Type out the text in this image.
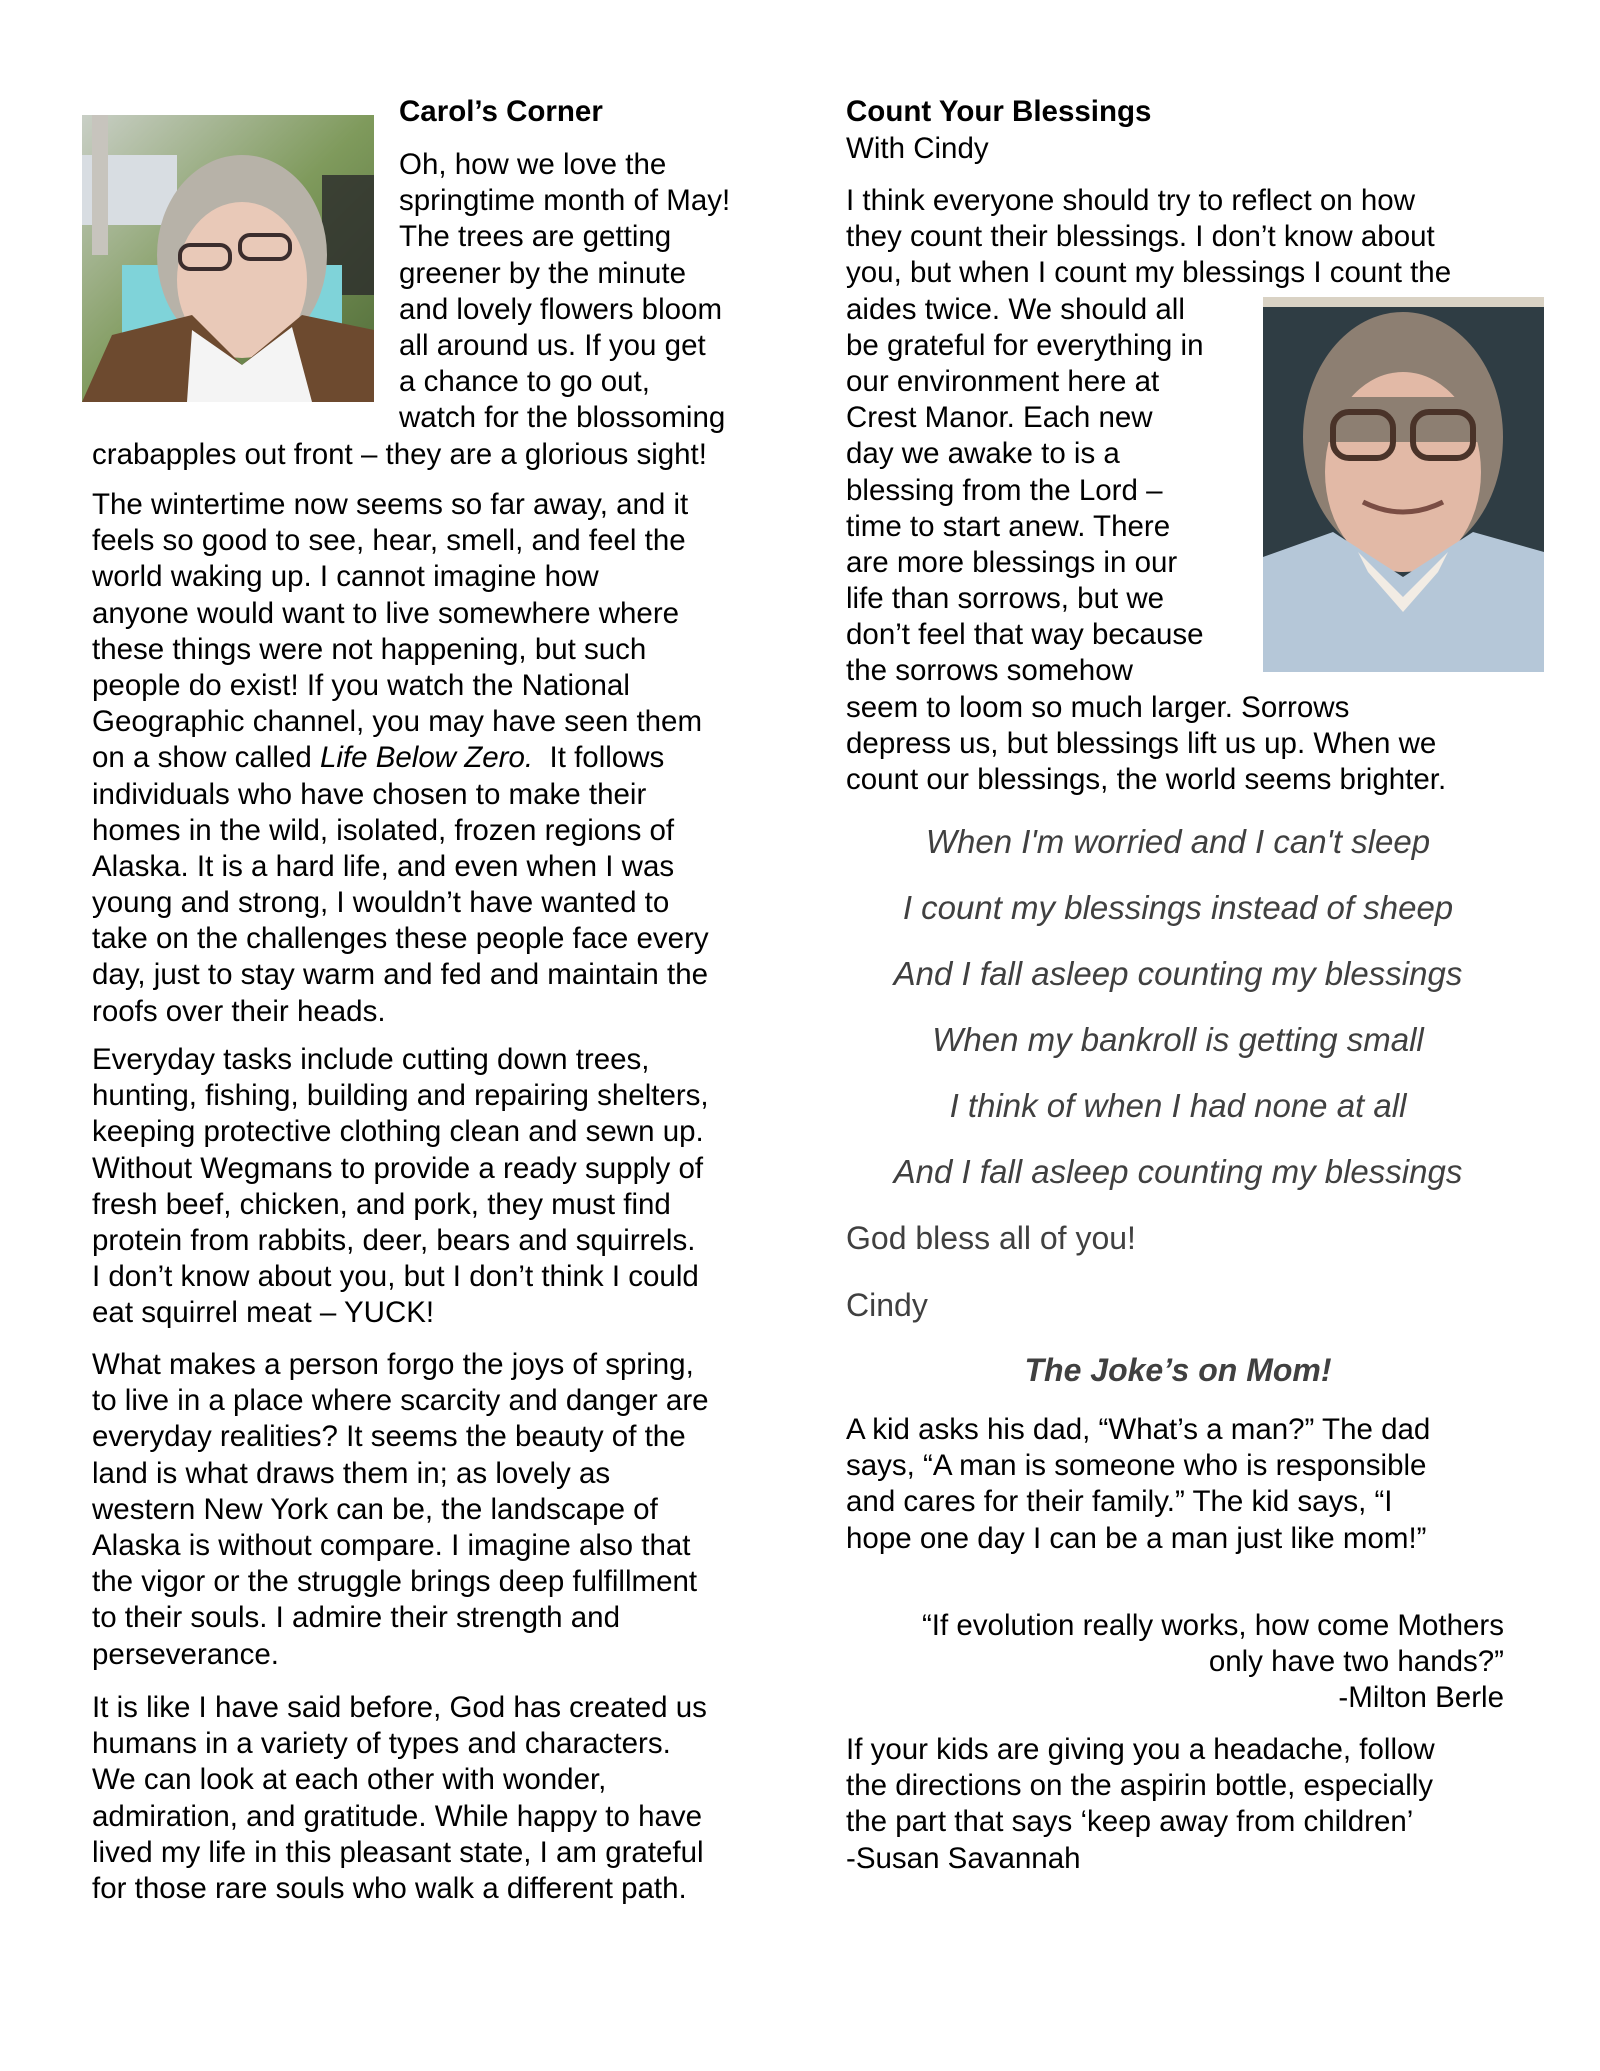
Carol’s Corner
Oh, how we love the
springtime month of May!
The trees are getting
greener by the minute
and lovely flowers bloom
all around us. If you get
a chance to go out,
watch for the blossoming
crabapples out front – they are a glorious sight!
The wintertime now seems so far away, and it
feels so good to see, hear, smell, and feel the
world waking up. I cannot imagine how
anyone would want to live somewhere where
these things were not happening, but such
people do exist! If you watch the National
Geographic channel, you may have seen them
on a show called Life Below Zero.  It follows
individuals who have chosen to make their
homes in the wild, isolated, frozen regions of
Alaska. It is a hard life, and even when I was
young and strong, I wouldn’t have wanted to
take on the challenges these people face every
day, just to stay warm and fed and maintain the
roofs over their heads.
Everyday tasks include cutting down trees,
hunting, fishing, building and repairing shelters,
keeping protective clothing clean and sewn up.
Without Wegmans to provide a ready supply of
fresh beef, chicken, and pork, they must find
protein from rabbits, deer, bears and squirrels.
I don’t know about you, but I don’t think I could
eat squirrel meat – YUCK!
What makes a person forgo the joys of spring,
to live in a place where scarcity and danger are
everyday realities? It seems the beauty of the
land is what draws them in; as lovely as
western New York can be, the landscape of
Alaska is without compare. I imagine also that
the vigor or the struggle brings deep fulfillment
to their souls. I admire their strength and
perseverance.
It is like I have said before, God has created us
humans in a variety of types and characters.
We can look at each other with wonder,
admiration, and gratitude. While happy to have
lived my life in this pleasant state, I am grateful
for those rare souls who walk a different path.
Count Your Blessings
With Cindy
I think everyone should try to reflect on how
they count their blessings. I don’t know about
you, but when I count my blessings I count the
aides twice. We should all
be grateful for everything in
our environment here at
Crest Manor. Each new
day we awake to is a
blessing from the Lord –
time to start anew. There
are more blessings in our
life than sorrows, but we
don’t feel that way because
the sorrows somehow
seem to loom so much larger. Sorrows
depress us, but blessings lift us up. When we
count our blessings, the world seems brighter.
When I'm worried and I can't sleep
I count my blessings instead of sheep
And I fall asleep counting my blessings
When my bankroll is getting small
I think of when I had none at all
And I fall asleep counting my blessings
God bless all of you!
Cindy
The Joke’s on Mom!
A kid asks his dad, “What’s a man?” The dad
says, “A man is someone who is responsible
and cares for their family.” The kid says, “I
hope one day I can be a man just like mom!”
“If evolution really works, how come Mothers
only have two hands?”
-Milton Berle
If your kids are giving you a headache, follow
the directions on the aspirin bottle, especially
the part that says ‘keep away from children’
-Susan Savannah
